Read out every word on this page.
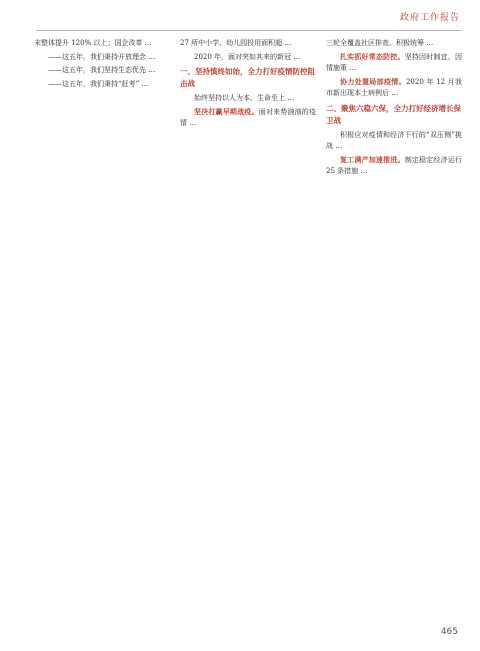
政府工作报告

末整体提升 120% 以上；国企改革 …

——这五年，我们秉持开放理念 …

——这五年，我们坚持生态优先 …

——这五年，我们秉持“赶考” …

27 所中小学、幼儿园投用面积超 …

2020 年，面对突如其来的新冠 …

一、坚持慎终如始，全力打好疫情防控阻击战

始终坚持以人为本、生命至上 …

坚决打赢早期战疫。面对来势汹汹的疫情 …

三轮全覆盖社区排查。积极统筹 …

扎实抓好常态防控。坚持因时制宜、因情施策 …

协力处置局部疫情。2020 年 12 月我市新出现本土病例后 …

二、聚焦六稳六保，全力打好经济增长保卫战

积极应对疫情和经济下行的“双压侧”挑战 …

复工满产加速推进。制定稳定经济运行 25 条措施 …

465
